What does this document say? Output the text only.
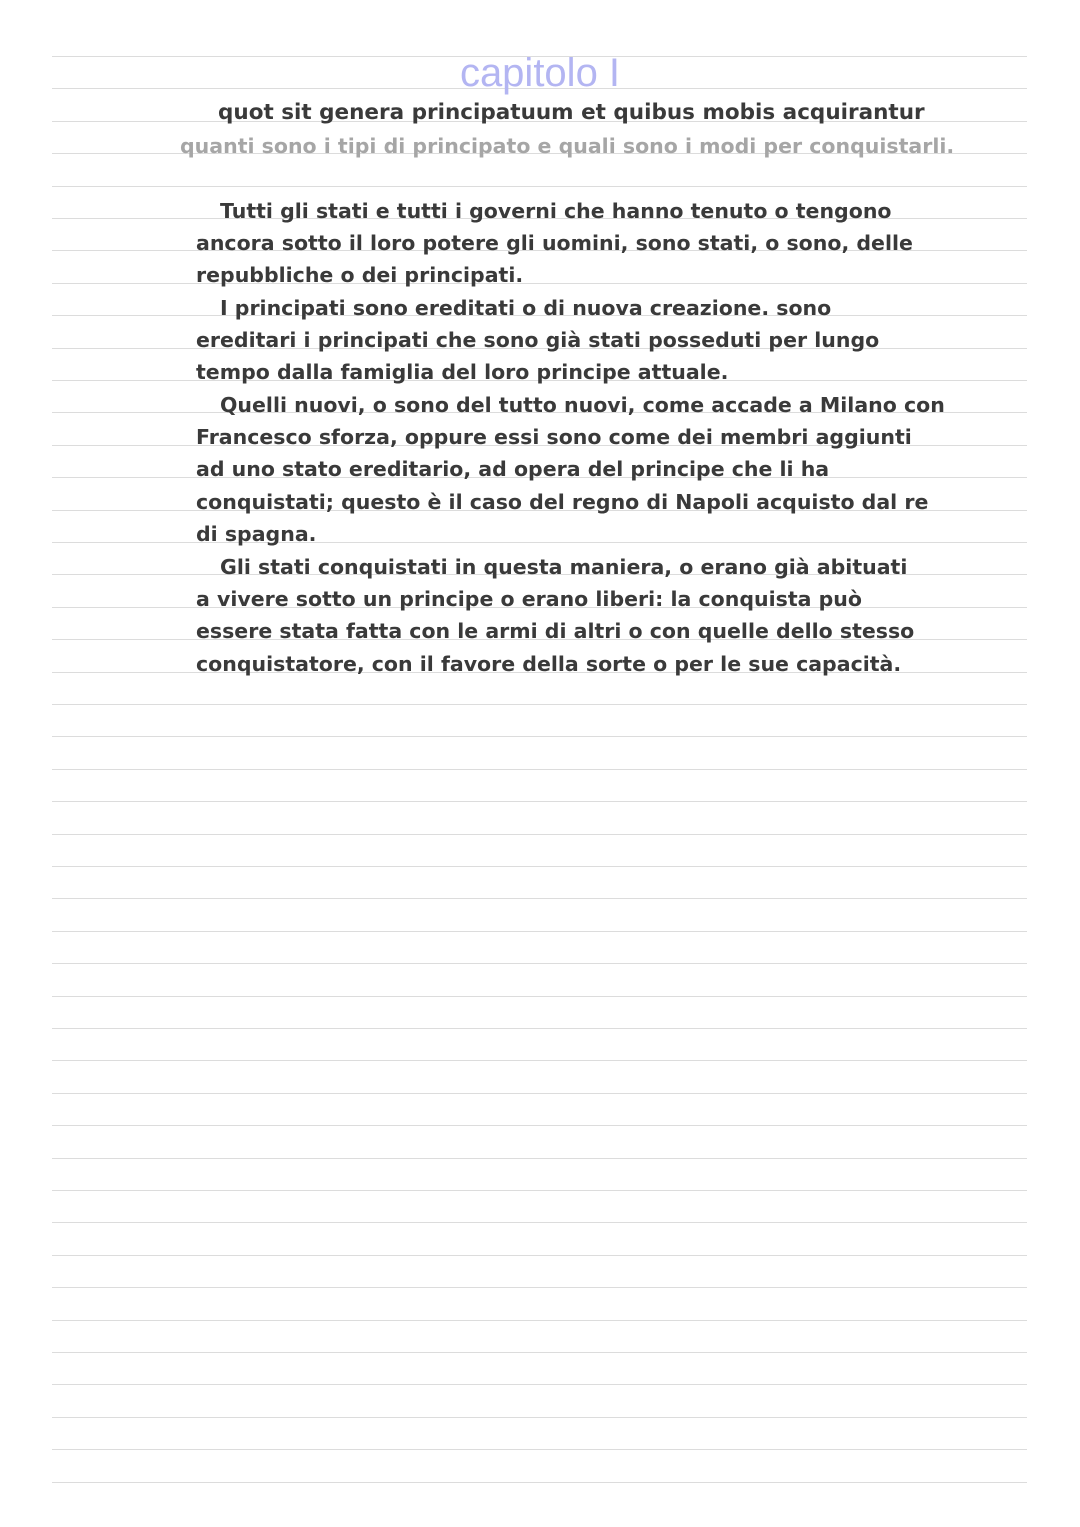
capitolo I
quot sit genera principatuum et quibus mobis acquirantur
quanti sono i tipi di principato e quali sono i modi per conquistarli.
Tutti gli stati e tutti i governi che hanno tenuto o tengono
ancora sotto il loro potere gli uomini, sono stati, o sono, delle
repubbliche o dei principati.
I principati sono ereditati o di nuova creazione. sono
ereditari i principati che sono già stati posseduti per lungo
tempo dalla famiglia del loro principe attuale.
Quelli nuovi, o sono del tutto nuovi, come accade a Milano con
Francesco sforza, oppure essi sono come dei membri aggiunti
ad uno stato ereditario, ad opera del principe che li ha
conquistati; questo è il caso del regno di Napoli acquisto dal re
di spagna.
Gli stati conquistati in questa maniera, o erano già abituati
a vivere sotto un principe o erano liberi: la conquista può
essere stata fatta con le armi di altri o con quelle dello stesso
conquistatore, con il favore della sorte o per le sue capacità.
